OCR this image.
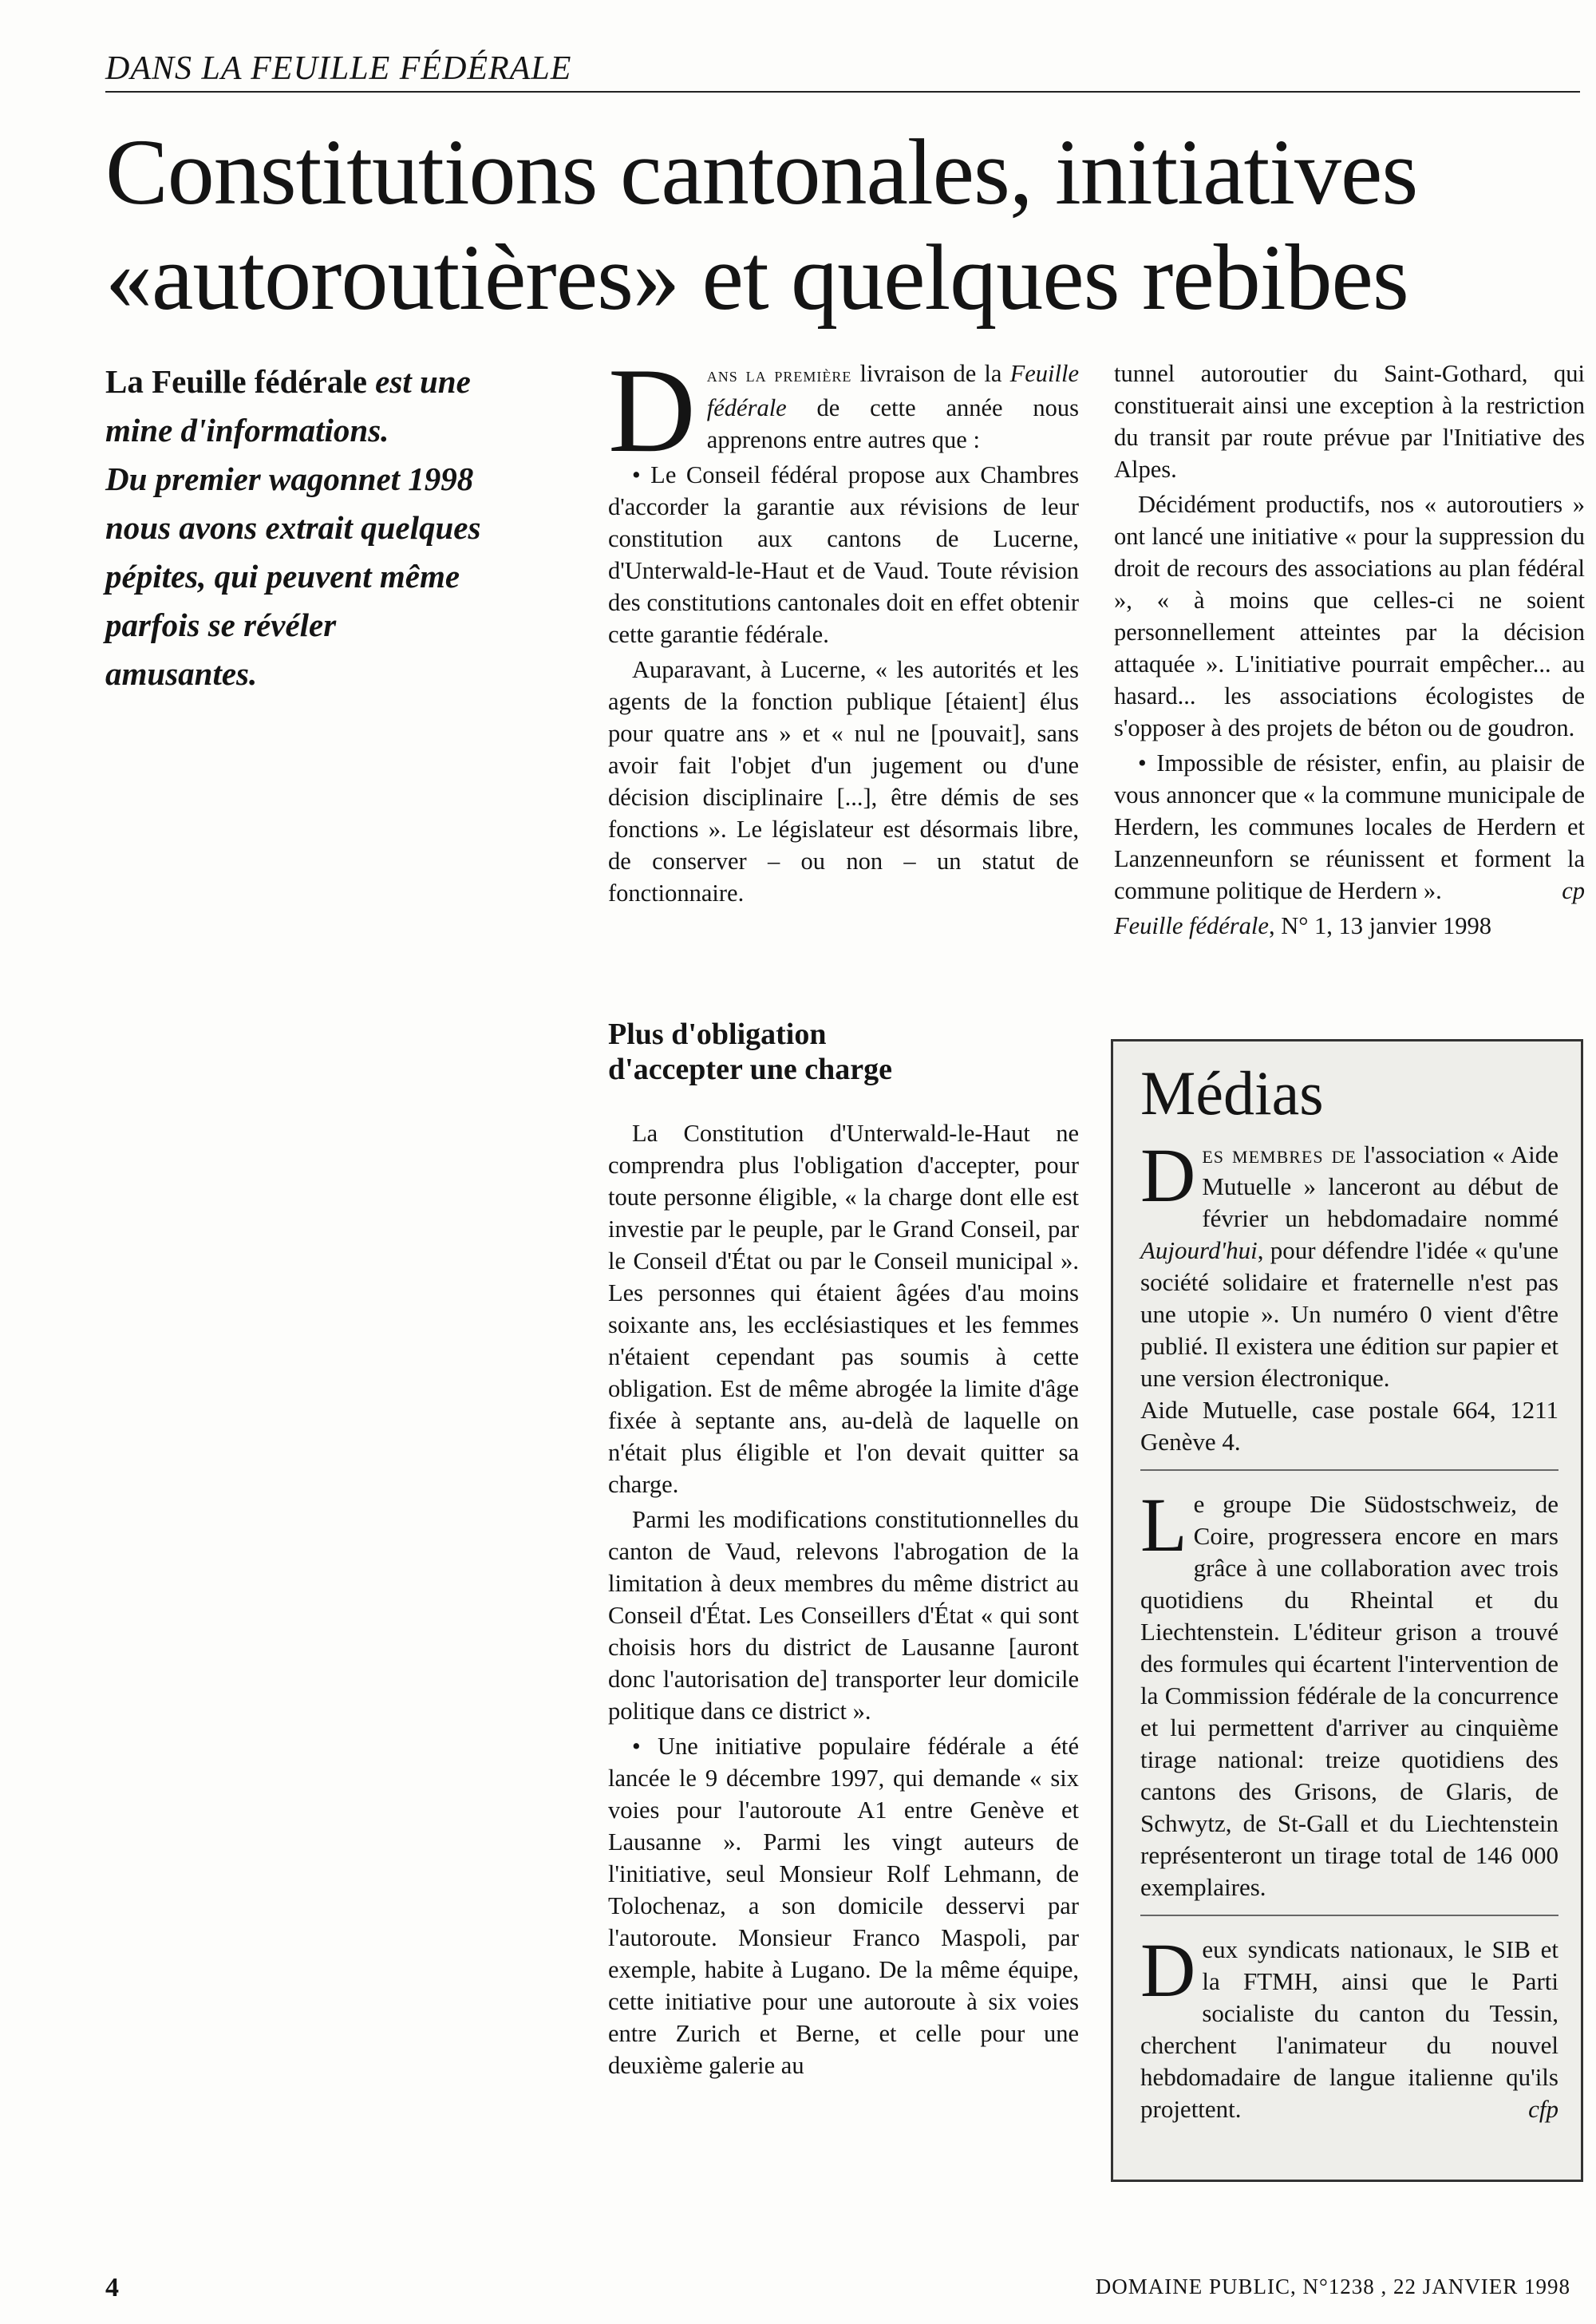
DANS LA FEUILLE FÉDÉRALE
Constitutions cantonales, initiatives
«autoroutières» et quelques rebibes
La Feuille fédérale est une
mine d'informations.
Du premier wagonnet 1998
nous avons extrait quelques
pépites, qui peuvent même
parfois se révéler
amusantes.

Dans la première livraison de la Feuille fédérale de cette année nous apprenons entre autres que :

• Le Conseil fédéral propose aux Chambres d'accorder la garantie aux révisions de leur constitution aux cantons de Lucerne, d'Unterwald-le-Haut et de Vaud. Toute révision des constitutions cantonales doit en effet obtenir cette garantie fédérale.

Auparavant, à Lucerne, « les autorités et les agents de la fonction publique [étaient] élus pour quatre ans » et « nul ne [pouvait], sans avoir fait l'objet d'un jugement ou d'une décision disciplinaire [...], être démis de ses fonctions ». Le législateur est désormais libre, de conserver – ou non – un statut de fonctionnaire.

Plus d'obligation
d'accepter une charge

La Constitution d'Unterwald-le-Haut ne comprendra plus l'obligation d'accepter, pour toute personne éligible, « la charge dont elle est investie par le peuple, par le Grand Conseil, par le Conseil d'État ou par le Conseil municipal ». Les personnes qui étaient âgées d'au moins soixante ans, les ecclésiastiques et les femmes n'étaient cependant pas soumis à cette obligation. Est de même abrogée la limite d'âge fixée à septante ans, au-delà de laquelle on n'était plus éligible et l'on devait quitter sa charge.

Parmi les modifications constitutionnelles du canton de Vaud, relevons l'abrogation de la limitation à deux membres du même district au Conseil d'État. Les Conseillers d'État « qui sont choisis hors du district de Lausanne [auront donc l'autorisation de] transporter leur domicile politique dans ce district ».

• Une initiative populaire fédérale a été lancée le 9 décembre 1997, qui demande « six voies pour l'autoroute A1 entre Genève et Lausanne ». Parmi les vingt auteurs de l'initiative, seul Monsieur Rolf Lehmann, de Tolochenaz, a son domicile desservi par l'autoroute. Monsieur Franco Maspoli, par exemple, habite à Lugano. De la même équipe, cette initiative pour une autoroute à six voies entre Zurich et Berne, et celle pour une deuxième galerie au

tunnel autoroutier du Saint-Gothard, qui constituerait ainsi une exception à la restriction du transit par route prévue par l'Initiative des Alpes.

Décidément productifs, nos « autoroutiers » ont lancé une initiative « pour la suppression du droit de recours des associations au plan fédéral », « à moins que celles-ci ne soient personnellement atteintes par la décision attaquée ». L'initiative pourrait empêcher... au hasard... les associations écologistes de s'opposer à des projets de béton ou de goudron.

• Impossible de résister, enfin, au plaisir de vous annoncer que « la commune municipale de Herdern, les communes locales de Herdern et Lanzenneunforn se réunissent et forment la commune politique de Herdern ».	cp

Feuille fédérale, N° 1, 13 janvier 1998

Médias

Des membres de l'association « Aide Mutuelle » lanceront au début de février un hebdomadaire nommé Aujourd'hui, pour défendre l'idée « qu'une société solidaire et fraternelle n'est pas une utopie ». Un numéro 0 vient d'être publié. Il existera une édition sur papier et une version électronique.

Aide Mutuelle, case postale 664, 1211 Genève 4.

Le groupe Die Südostschweiz, de Coire, progressera encore en mars grâce à une collaboration avec trois quotidiens du Rheintal et du Liechtenstein. L'éditeur grison a trouvé des formules qui écartent l'intervention de la Commission fédérale de la concurrence et lui permettent d'arriver au cinquième tirage national: treize quotidiens des cantons des Grisons, de Glaris, de Schwytz, de St-Gall et du Liechtenstein représenteront un tirage total de 146 000 exemplaires.

Deux syndicats nationaux, le SIB et la FTMH, ainsi que le Parti socialiste du canton du Tessin, cherchent l'animateur du nouvel hebdomadaire de langue italienne qu'ils projettent.	cfp

4	DOMAINE PUBLIC, N°1238 , 22 JANVIER 1998
